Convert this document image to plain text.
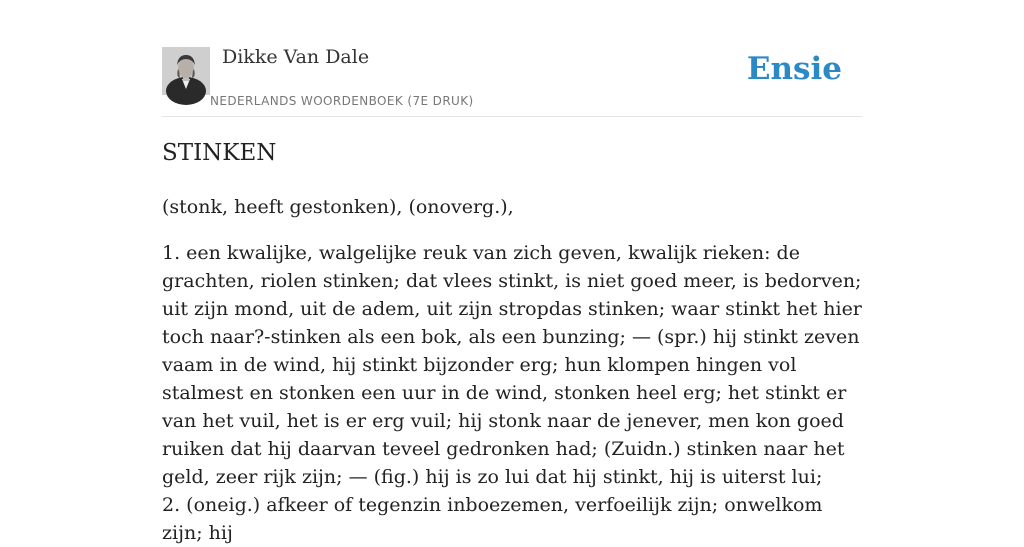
Dikke Van Dale
NEDERLANDS WOORDENBOEK (7E DRUK)
Ensie
STINKEN
(stonk, heeft gestonken), (onoverg.),

1. een kwalijke, walgelijke reuk van zich geven, kwalijk rieken: de grachten, riolen stinken; dat vlees stinkt, is niet goed meer, is bedorven; uit zijn mond, uit de adem, uit zijn stropdas stinken; waar stinkt het hier toch naar?-stinken als een bok, als een bunzing; — (spr.) hij stinkt zeven vaam in de wind, hij stinkt bijzonder erg; hun klompen hingen vol stalmest en stonken een uur in de wind, stonken heel erg; het stinkt er van het vuil, het is er erg vuil; hij stonk naar de jenever, men kon goed ruiken dat hij daarvan teveel gedronken had; (Zuidn.) stinken naar het geld, zeer rijk zijn; — (fig.) hij is zo lui dat hij stinkt, hij is uiterst lui;

2. (oneig.) afkeer of tegenzin inboezemen, verfoeilijk zijn; onwelkom zijn; hij
